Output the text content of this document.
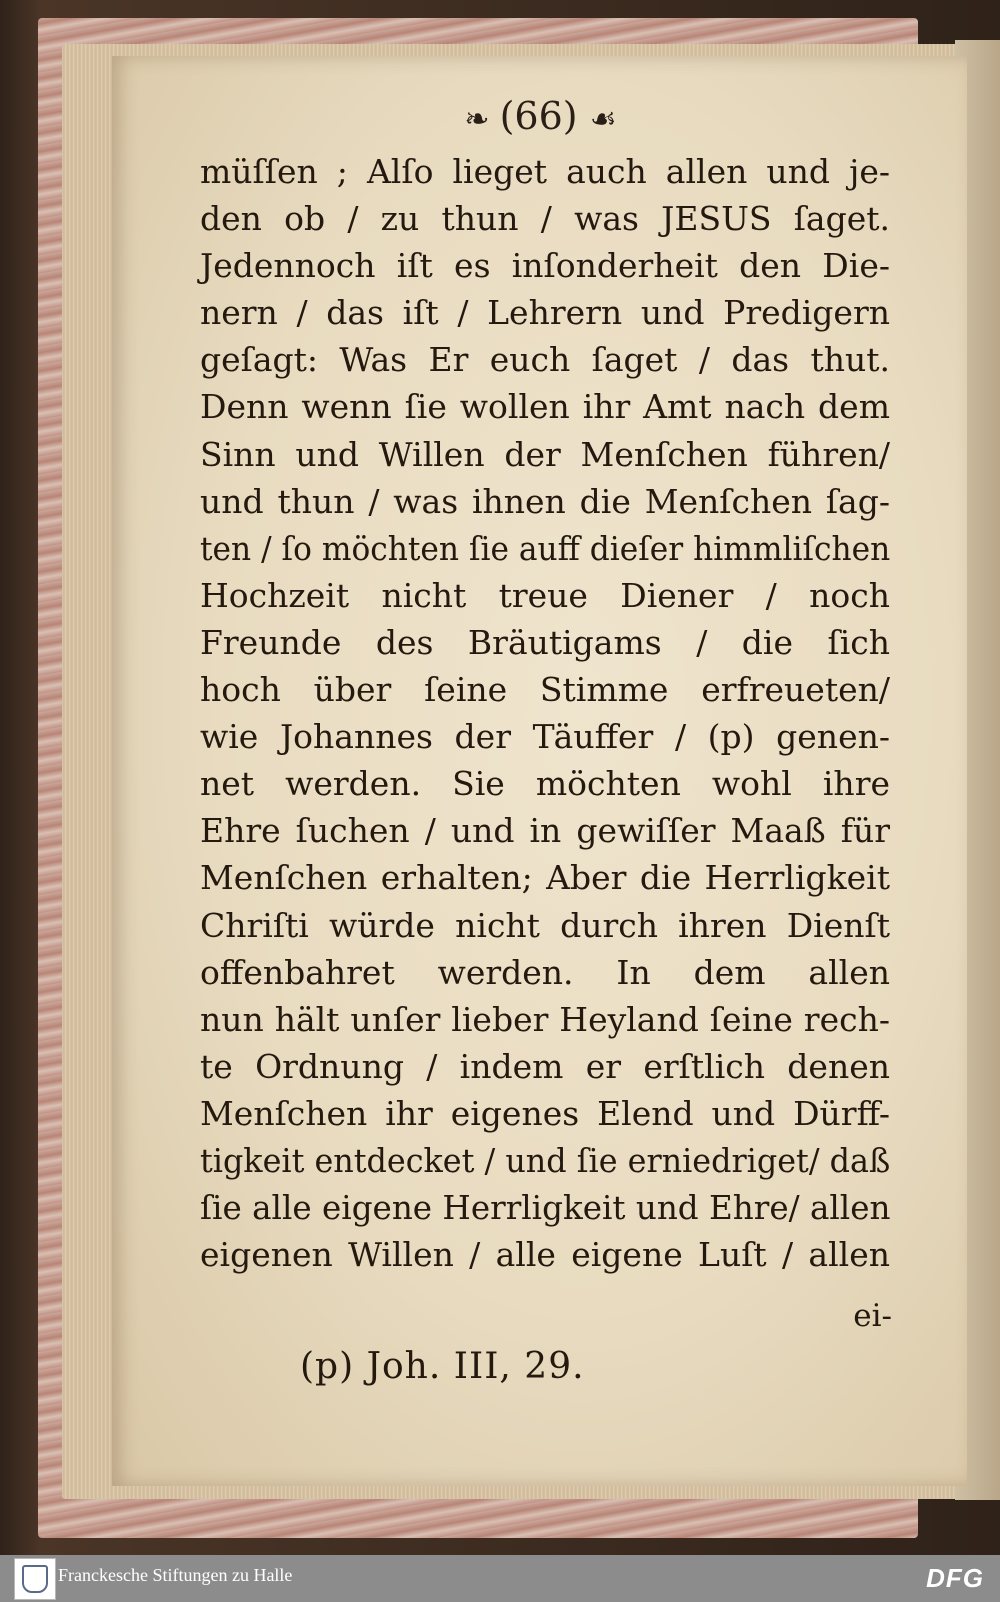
❧ (66) ☙
müſſen ; Alſo lieget auch allen und je-
den ob / zu thun / was JESUS ſaget.
Jedennoch iſt es inſonderheit den Die-
nern / das iſt / Lehrern und Predigern
geſagt: Was Er euch ſaget / das thut.
Denn wenn ſie wollen ihr Amt nach dem
Sinn und Willen der Menſchen führen/
und thun / was ihnen die Menſchen ſag-
ten / ſo möchten ſie auff dieſer himmliſchen
Hochzeit nicht treue Diener / noch
Freunde des Bräutigams / die ſich
hoch über ſeine Stimme erfreueten/
wie Johannes der Täuffer / (p) genen-
net werden. Sie möchten wohl ihre
Ehre ſuchen / und in gewiſſer Maaß für
Menſchen erhalten; Aber die Herrligkeit
Chriſti würde nicht durch ihren Dienſt
offenbahret werden. In dem allen
nun hält unſer lieber Heyland ſeine rech-
te Ordnung / indem er erſtlich denen
Menſchen ihr eigenes Elend und Dürff-
tigkeit entdecket / und ſie erniedriget/ daß
ſie alle eigene Herrligkeit und Ehre/ allen
eigenen Willen / alle eigene Luſt / allen
ei-
(p) Joh. III, 29.
Franckesche Stiftungen zu Halle	DFG
